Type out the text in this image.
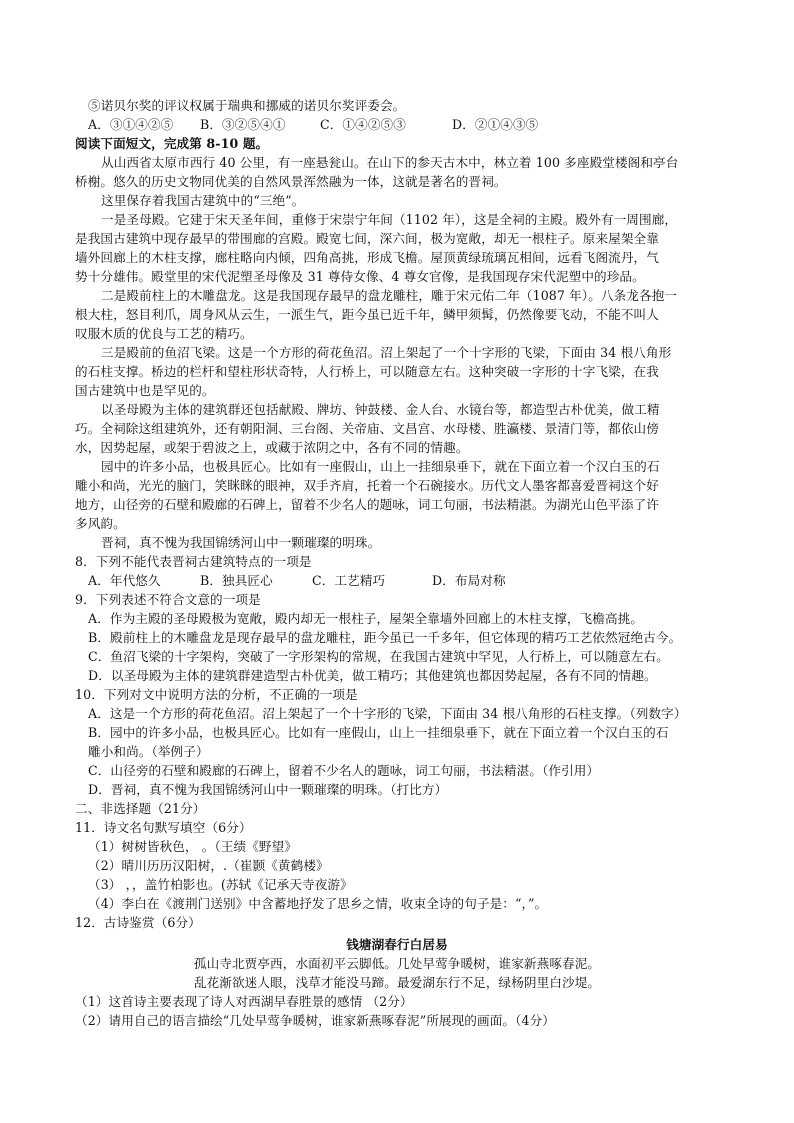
⑤诺贝尔奖的评议权属于瑞典和挪威的诺贝尔奖评委会。
A．③①④②⑤	B．③②⑤④①	C．①④②⑤③	D．②①④③⑤
阅读下面短文，完成第 8-10 题。
从山西省太原市西行 40 公里，有一座悬瓮山。在山下的参天古木中，林立着 100 多座殿堂楼阁和亭台
桥榭。悠久的历史文物同优美的自然风景浑然融为一体，这就是著名的晋祠。
这里保存着我国古建筑中的“三绝”。
一是圣母殿。它建于宋天圣年间，重修于宋崇宁年间（1102 年），这是全祠的主殿。殿外有一周围廊，
是我国古建筑中现存最早的带围廊的宫殿。殿宽七间，深六间，极为宽敞，却无一根柱子。原来屋架全靠
墙外回廊上的木柱支撑，廊柱略向内倾，四角高挑，形成飞檐。屋顶黄绿琉璃瓦相间，远看飞阁流丹，气
势十分雄伟。殿堂里的宋代泥塑圣母像及 31 尊侍女像、4 尊女官像，是我国现存宋代泥塑中的珍品。
二是殿前柱上的木雕盘龙。这是我国现存最早的盘龙雕柱，雕于宋元佑二年（1087 年）。八条龙各抱一
根大柱，怒目利爪，周身风从云生，一派生气，距今虽已近千年，鳞甲须髯，仍然像要飞动，不能不叫人
叹服木质的优良与工艺的精巧。
三是殿前的鱼沼飞梁。这是一个方形的荷花鱼沼。沼上架起了一个十字形的飞梁，下面由 34 根八角形
的石柱支撑。桥边的栏杆和望柱形状奇特，人行桥上，可以随意左右。这种突破一字形的十字飞梁，在我
国古建筑中也是罕见的。
以圣母殿为主体的建筑群还包括献殿、牌坊、钟鼓楼、金人台、水镜台等，都造型古朴优美，做工精
巧。全祠除这组建筑外，还有朝阳洞、三台阁、关帝庙、文昌宫、水母楼、胜瀛楼、景清门等，都依山傍
水，因势起屋，或架于碧波之上，或藏于浓阴之中，各有不同的情趣。
园中的许多小品，也极具匠心。比如有一座假山，山上一挂细泉垂下，就在下面立着一个汉白玉的石
雕小和尚，光光的脑门，笑眯眯的眼神，双手齐肩，托着一个石碗接水。历代文人墨客都喜爱晋祠这个好
地方，山径旁的石壁和殿廊的石碑上，留着不少名人的题咏，词工句丽，书法精湛。为湖光山色平添了许
多风韵。
晋祠，真不愧为我国锦绣河山中一颗璀璨的明珠。
8．下列不能代表晋祠古建筑特点的一项是
A．年代悠久	B．独具匠心	C．工艺精巧	D．布局对称
9．下列表述不符合文意的一项是
A．作为主殿的圣母殿极为宽敞，殿内却无一根柱子，屋架全靠墙外回廊上的木柱支撑，飞檐高挑。
B．殿前柱上的木雕盘龙是现存最早的盘龙雕柱，距今虽已一千多年，但它体现的精巧工艺依然冠绝古今。
C．鱼沼飞梁的十字架构，突破了一字形架构的常规，在我国古建筑中罕见，人行桥上，可以随意左右。
D．以圣母殿为主体的建筑群建造型古朴优美，做工精巧；其他建筑也都因势起屋，各有不同的情趣。
10．下列对文中说明方法的分析，不正确的一项是
A．这是一个方形的荷花鱼沼。沼上架起了一个十字形的飞梁，下面由 34 根八角形的石柱支撑。（列数字）
B．园中的许多小品，也极具匠心。比如有一座假山，山上一挂细泉垂下，就在下面立着一个汉白玉的石
雕小和尚。（举例子）
C．山径旁的石壁和殿廊的石碑上，留着不少名人的题咏，词工句丽，书法精湛。（作引用）
D．晋祠，真不愧为我国锦绣河山中一颗璀璨的明珠。（打比方）
二、非选择题（21分）
11．诗文名句默写填空（6分）
（1）树树皆秋色， 。（王绩《野望》
（2）晴川历历汉阳树，.（崔颢《黄鹤楼》
（3） ，，盖竹柏影也。(苏轼《记承天寺夜游》
（4）李白在《渡荆门送别》中含蓄地抒发了思乡之情，收束全诗的句子是：“，”。
12．古诗鉴赏（6分）
钱塘湖春行白居易
孤山寺北贾亭西，水面初平云脚低。几处早莺争暖树，谁家新燕啄春泥。
乱花渐欲迷人眼，浅草才能没马蹄。最爱湖东行不足，绿杨阴里白沙堤。
（1）这首诗主要表现了诗人对西湖早春胜景的感情 （2分）
（2）请用自己的语言描绘“几处早莺争暖树，谁家新燕啄春泥”所展现的画面。（4分）
